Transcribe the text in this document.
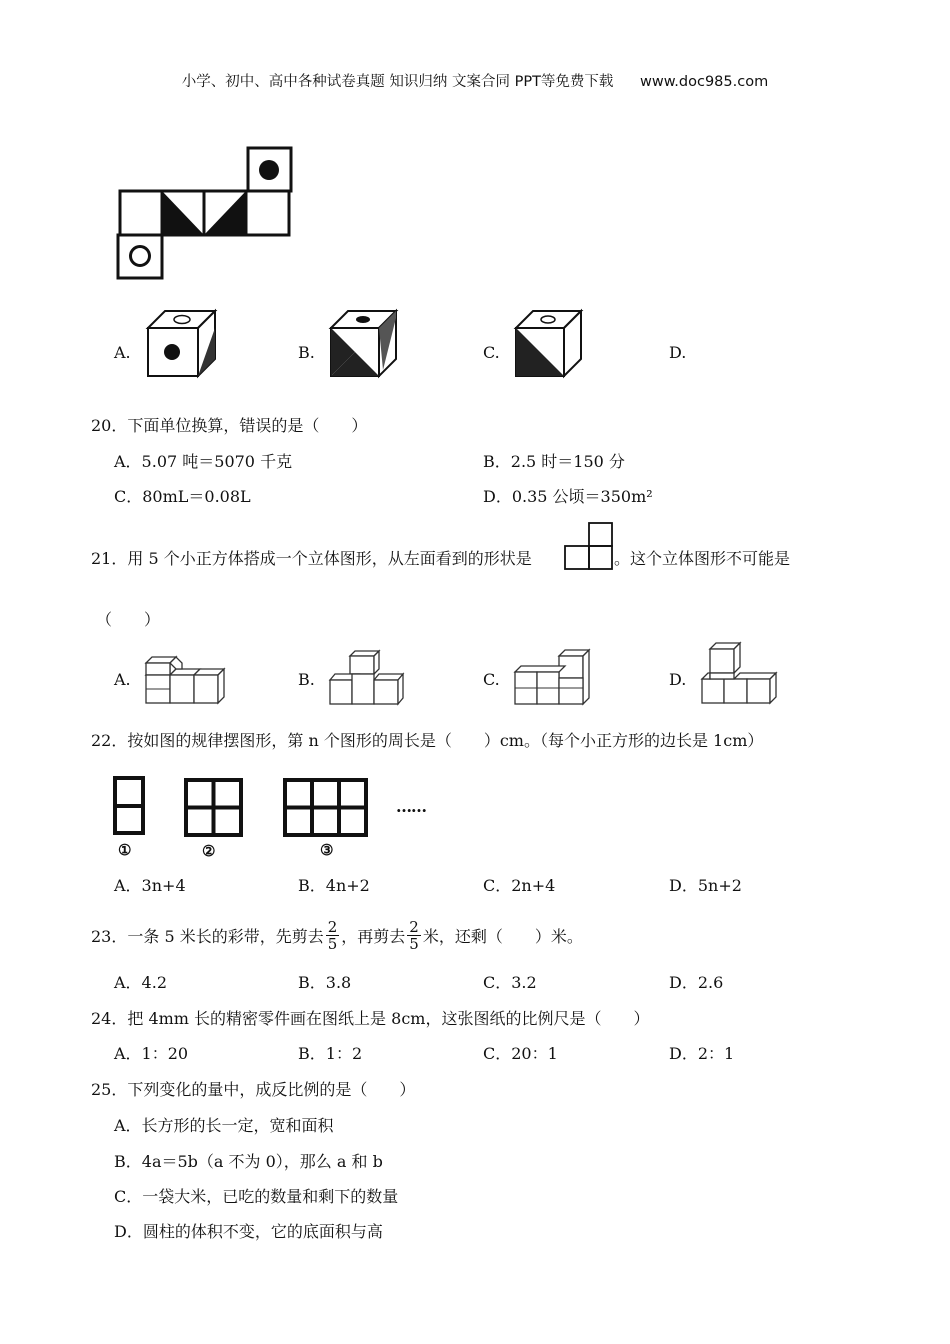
小学、初中、高中各种试卷真题 知识归纳 文案合同 PPT等免费下载 www.doc985.com
A.	B.	C.	D.
20．下面单位换算，错误的是（　　）
A．5.07 吨＝5070 千克	B．2.5 时＝150 分
C．80mL＝0.08L	D．0.35 公顷＝350m²
21．用 5 个小正方体搭成一个立体图形，从左面看到的形状是	。这个立体图形不可能是
（　　）
A.	B.	C.	D.
22．按如图的规律摆图形，第 n 个图形的周长是（　　）cm。（每个小正方形的边长是 1cm）
①	②	③
……
A．3n+4	B．4n+2	C．2n+4	D．5n+2
23．一条 5 米长的彩带，先剪去 $\frac{2}{5}$ ，再剪去 $\frac{2}{5}$ 米，还剩（　　）米。
A．4.2	B．3.8	C．3.2	D．2.6
24．把 4mm 长的精密零件画在图纸上是 8cm，这张图纸的比例尺是（　　）
A．1：20	B．1：2	C．20：1	D．2：1
25．下列变化的量中，成反比例的是（　　）
A．长方形的长一定，宽和面积
B．4a＝5b（a 不为 0），那么 a 和 b
C．一袋大米，已吃的数量和剩下的数量
D．圆柱的体积不变，它的底面积与高
